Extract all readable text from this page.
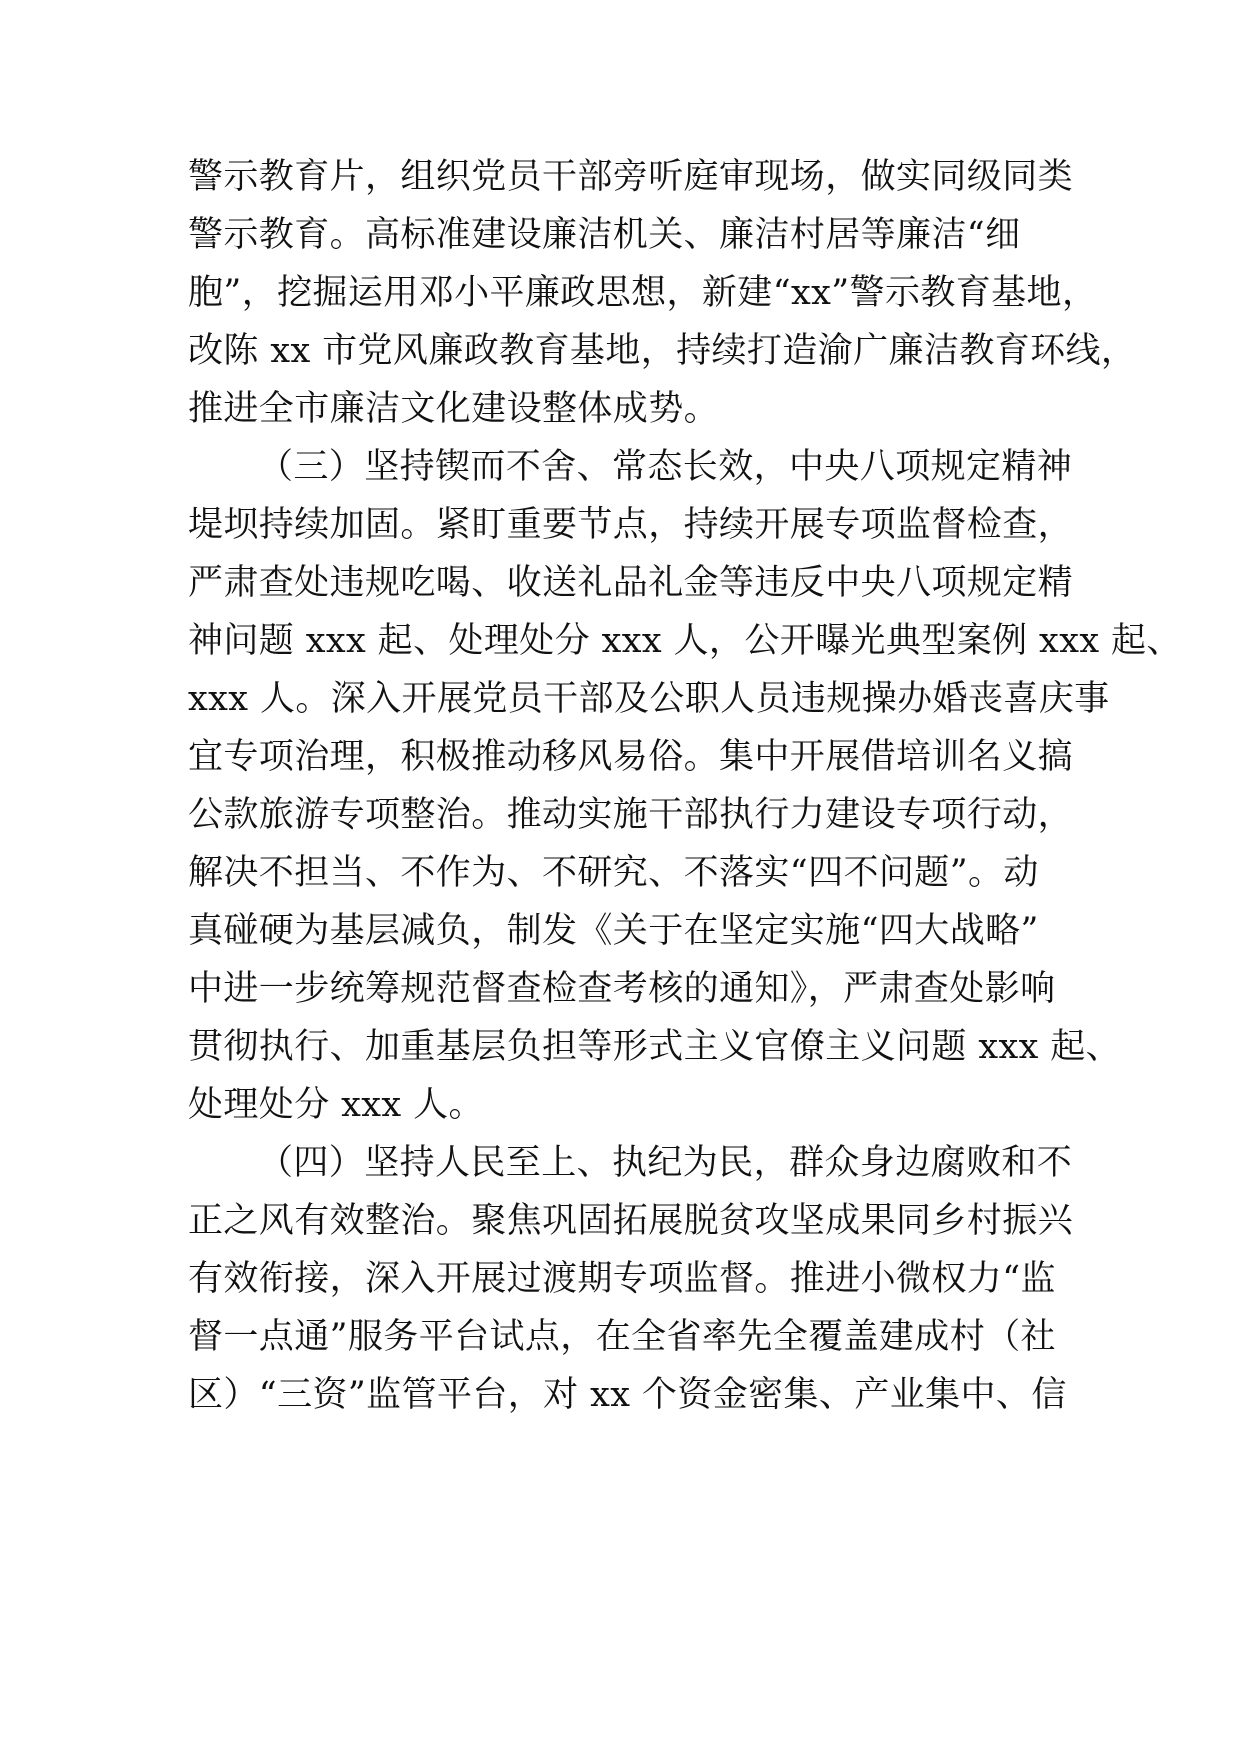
警示教育片，组织党员干部旁听庭审现场，做实同级同类

警示教育。高标准建设廉洁机关、廉洁村居等廉洁“细

胞”，挖掘运用邓小平廉政思想，新建“xx”警示教育基地，

改陈 xx 市党风廉政教育基地，持续打造渝广廉洁教育环线，

推进全市廉洁文化建设整体成势。

（三）坚持锲而不舍、常态长效，中央八项规定精神

堤坝持续加固。紧盯重要节点，持续开展专项监督检查，

严肃查处违规吃喝、收送礼品礼金等违反中央八项规定精

神问题 xxx 起、处理处分 xxx 人，公开曝光典型案例 xxx 起、

xxx 人。深入开展党员干部及公职人员违规操办婚丧喜庆事

宜专项治理，积极推动移风易俗。集中开展借培训名义搞

公款旅游专项整治。推动实施干部执行力建设专项行动，

解决不担当、不作为、不研究、不落实“四不问题”。动

真碰硬为基层减负，制发《关于在坚定实施“四大战略”

中进一步统筹规范督查检查考核的通知》，严肃查处影响

贯彻执行、加重基层负担等形式主义官僚主义问题 xxx 起、

处理处分 xxx 人。

（四）坚持人民至上、执纪为民，群众身边腐败和不

正之风有效整治。聚焦巩固拓展脱贫攻坚成果同乡村振兴

有效衔接，深入开展过渡期专项监督。推进小微权力“监

督一点通”服务平台试点，在全省率先全覆盖建成村（社

区）“三资”监管平台，对 xx 个资金密集、产业集中、信
